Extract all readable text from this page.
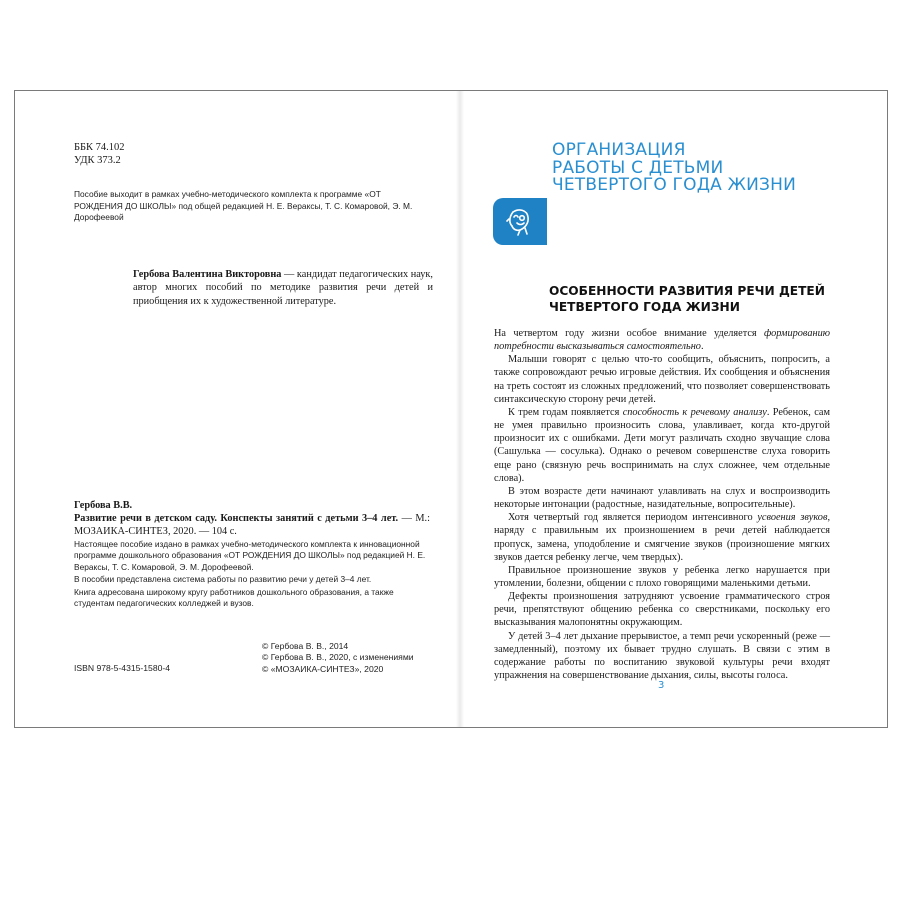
ББК 74.102
УДК 373.2
Пособие выходит в рамках учебно-методического комплекта к программе «ОТ РОЖДЕНИЯ ДО ШКОЛЫ» под общей редакцией Н. Е. Вераксы, Т. С. Комаровой, Э. М. Дорофеевой
Гербова Валентина Викторовна — кандидат педагогических наук, автор многих пособий по методике развития речи детей и приобщения их к художественной литературе.
Гербова В.В.
Развитие речи в детском саду. Конспекты занятий с детьми 3–4 лет. — М.: МОЗАИКА-СИНТЕЗ, 2020. — 104 с.

Настоящее пособие издано в рамках учебно-методического комплекта к инновационной программе дошкольного образования «ОТ РОЖДЕНИЯ ДО ШКОЛЫ» под редакцией Н. Е. Вераксы, Т. С. Комаровой, Э. М. Дорофеевой.

В пособии представлена система работы по развитию речи у детей 3–4 лет.

Книга адресована широкому кругу работников дошкольного образования, а также студентам педагогических колледжей и вузов.

© Гербова В. В., 2014
© Гербова В. В., 2020, с изменениями
© «МОЗАИКА-СИНТЕЗ», 2020
ISBN 978-5-4315-1580-4
ОРГАНИЗАЦИЯ
РАБОТЫ С ДЕТЬМИ
ЧЕТВЕРТОГО ГОДА ЖИЗНИ
ОСОБЕННОСТИ РАЗВИТИЯ РЕЧИ ДЕТЕЙ
ЧЕТВЕРТОГО ГОДА ЖИЗНИ

На четвертом году жизни особое внимание уделяется формированию потребности высказываться самостоятельно.

Малыши говорят с целью что-то сообщить, объяснить, попросить, а также сопровождают речью игровые действия. Их сообщения и объяснения на треть состоят из сложных предложений, что позволяет совершенствовать синтаксическую сторону речи детей.

К трем годам появляется способность к речевому анализу. Ребенок, сам не умея правильно произносить слова, улавливает, когда кто-другой произносит их с ошибками. Дети могут различать сходно звучащие слова (Сашулька — сосулька). Однако о речевом совершенстве слуха говорить еще рано (связную речь воспринимать на слух сложнее, чем отдельные слова).

В этом возрасте дети начинают улавливать на слух и воспроизводить некоторые интонации (радостные, назидательные, вопросительные).

Хотя четвертый год является периодом интенсивного усвоения звуков, наряду с правильным их произношением в речи детей наблюдается пропуск, замена, уподобление и смягчение звуков (произношение мягких звуков дается ребенку легче, чем твердых).

Правильное произношение звуков у ребенка легко нарушается при утомлении, болезни, общении с плохо говорящими маленькими детьми.

Дефекты произношения затрудняют усвоение грамматического строя речи, препятствуют общению ребенка со сверстниками, поскольку его высказывания малопонятны окружающим.

У детей 3–4 лет дыхание прерывистое, а темп речи ускоренный (реже — замедленный), поэтому их бывает трудно слушать. В связи с этим в содержание работы по воспитанию звуковой культуры речи входят упражнения на совершенствование дыхания, силы, высоты голоса.

3
